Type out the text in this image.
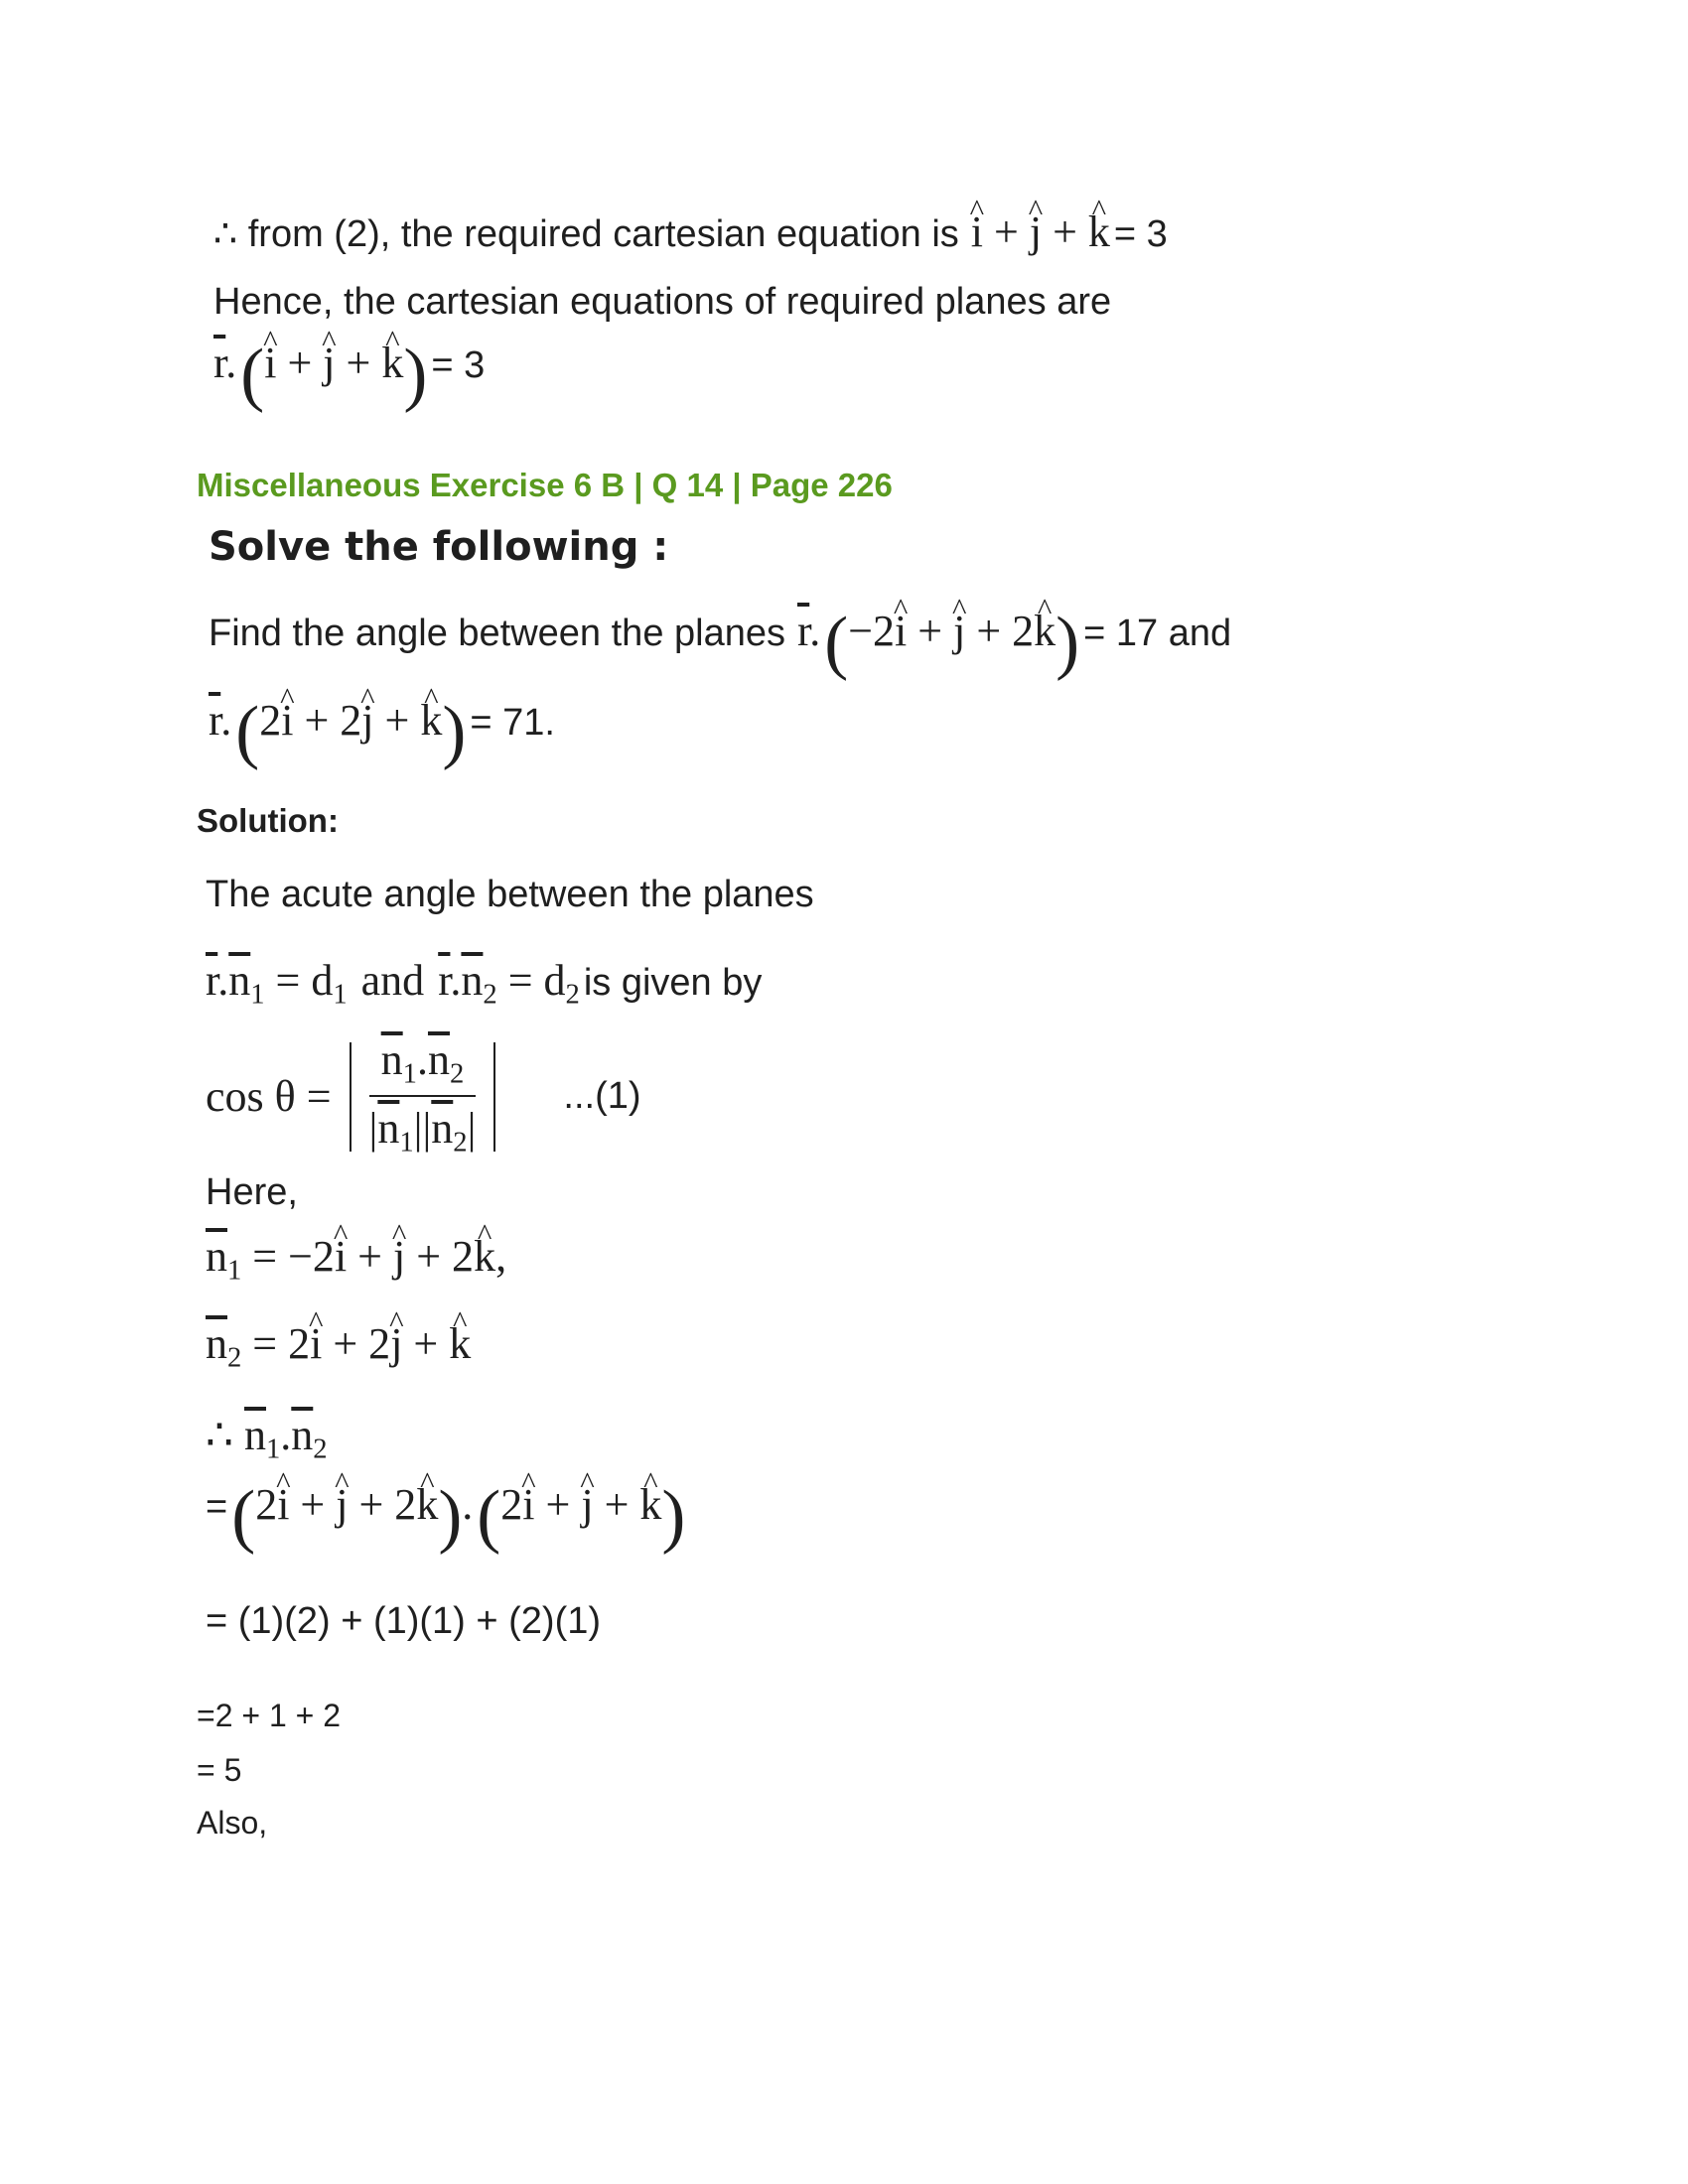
∴ from (2), the required cartesian equation is i ^ + j ^ + k ^ = 3
Hence, the cartesian equations of required planes are
$\overline{r}$. (i ^ + j ^ + k ^) = 3
Miscellaneous Exercise 6 B | Q 14 | Page 226
Solve the following :
Find the angle between the planes $\overline{r}$. (−2i ^ + j ^ + 2k ^) = 17 and
$\overline{r}$. (2i ^ + 2j ^ + k ^) = 71.
Solution:
The acute angle between the planes
$\overline{r}.\overline{n}_1 = d_1$ and $\overline{r}.\overline{n}_2 = d_2$ is given by
$\cos \theta = \frac{\overline{n}_1.\overline{n}_2}{|\overline{n}_1||\overline{n}_2|} ...(1)$
Here,
$\overline{n}_1 = -2i$ ^ + j ^ + 2k ^,
$\overline{n}_2 = 2i$ ^ + 2j ^ + k ^
∴ $\overline{n}_1.\overline{n}_2$
= (2i ^ + j ^ + 2k ^). (2i ^ + j ^ + k ^)
= (1)(2) + (1)(1) + (2)(1)
=2 + 1 + 2
= 5
Also,
